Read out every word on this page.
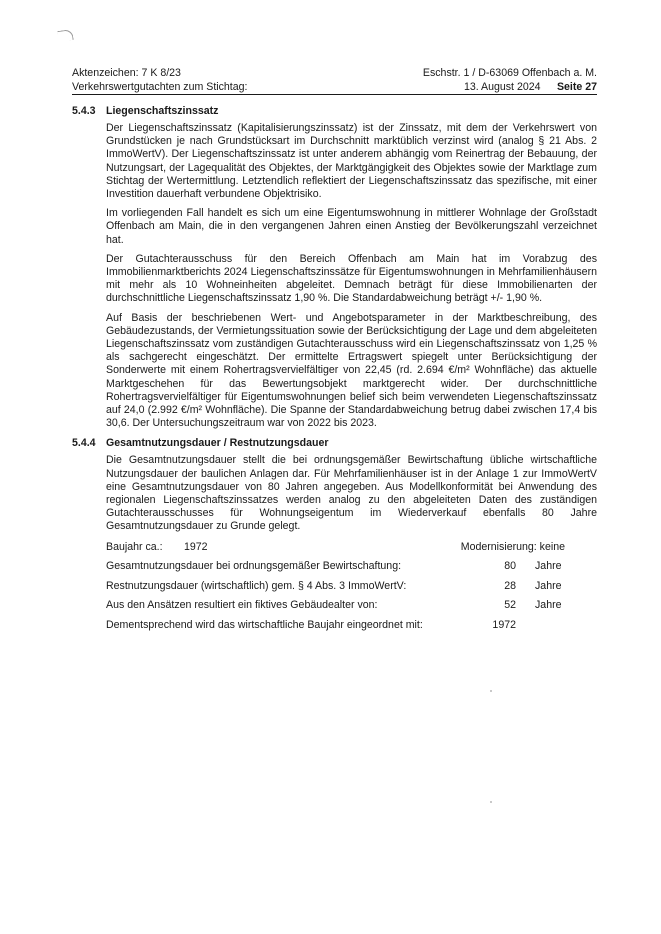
Aktenzeichen: 7 K 8/23	Eschstr. 1 / D-63069 Offenbach a. M.
Verkehrswertgutachten zum Stichtag:	13. August 2024	Seite 27
5.4.3 Liegenschaftszinssatz

Der Liegenschaftszinssatz (Kapitalisierungszinssatz) ist der Zinssatz, mit dem der Verkehrswert von Grundstücken je nach Grundstücksart im Durchschnitt marktüblich verzinst wird (analog § 21 Abs. 2 ImmoWertV). Der Liegenschaftszinssatz ist unter anderem abhängig vom Reinertrag der Bebauung, der Nutzungsart, der Lagequalität des Objektes, der Marktgängigkeit des Objektes sowie der Marktlage zum Stichtag der Wertermittlung. Letztendlich reflektiert der Liegenschaftszinssatz das spezifische, mit einer Investition dauerhaft verbundene Objektrisiko.

Im vorliegenden Fall handelt es sich um eine Eigentumswohnung in mittlerer Wohnlage der Großstadt Offenbach am Main, die in den vergangenen Jahren einen Anstieg der Bevölkerungszahl verzeichnet hat.

Der Gutachterausschuss für den Bereich Offenbach am Main hat im Vorabzug des Immobilienmarktberichts 2024 Liegenschaftszinssätze für Eigentumswohnungen in Mehrfamilienhäusern mit mehr als 10 Wohneinheiten abgeleitet. Demnach beträgt für diese Immobilienarten der durchschnittliche Liegenschaftszinssatz 1,90 %. Die Standardabweichung beträgt +/- 1,90 %.

Auf Basis der beschriebenen Wert- und Angebotsparameter in der Marktbeschreibung, des Gebäudezustands, der Vermietungssituation sowie der Berücksichtigung der Lage und dem abgeleiteten Liegenschaftszinssatz vom zuständigen Gutachterausschuss wird ein Liegenschaftszinssatz von 1,25 % als sachgerecht eingeschätzt. Der ermittelte Ertragswert spiegelt unter Berücksichtigung der Sonderwerte mit einem Rohertragsvervielfältiger von 22,45 (rd. 2.694 €/m² Wohnfläche) das aktuelle Marktgeschehen für das Bewertungsobjekt marktgerecht wider. Der durchschnittliche Rohertragsvervielfältiger für Eigentumswohnungen belief sich beim verwendeten Liegenschaftszinssatz auf 24,0 (2.992 €/m² Wohnfläche). Die Spanne der Standardabweichung betrug dabei zwischen 17,4 bis 30,6. Der Untersuchungszeitraum war von 2022 bis 2023.

5.4.4 Gesamtnutzungsdauer / Restnutzungsdauer

Die Gesamtnutzungsdauer stellt die bei ordnungsgemäßer Bewirtschaftung übliche wirtschaftliche Nutzungsdauer der baulichen Anlagen dar. Für Mehrfamilienhäuser ist in der Anlage 1 zur ImmoWertV eine Gesamtnutzungsdauer von 80 Jahren angegeben. Aus Modellkonformität bei Anwendung des regionalen Liegenschaftszinssatzes werden analog zu den abgeleiteten Daten des zuständigen Gutachterausschusses für Wohnungseigentum im Wiederverkauf ebenfalls 80 Jahre Gesamtnutzungsdauer zu Grunde gelegt.

Baujahr ca.: 1972	Modernisierung: keine
Gesamtnutzungsdauer bei ordnungsgemäßer Bewirtschaftung:	80 Jahre
Restnutzungsdauer (wirtschaftlich) gem. § 4 Abs. 3 ImmoWertV:	28 Jahre
Aus den Ansätzen resultiert ein fiktives Gebäudealter von:	52 Jahre
Dementsprechend wird das wirtschaftliche Baujahr eingeordnet mit:	1972
